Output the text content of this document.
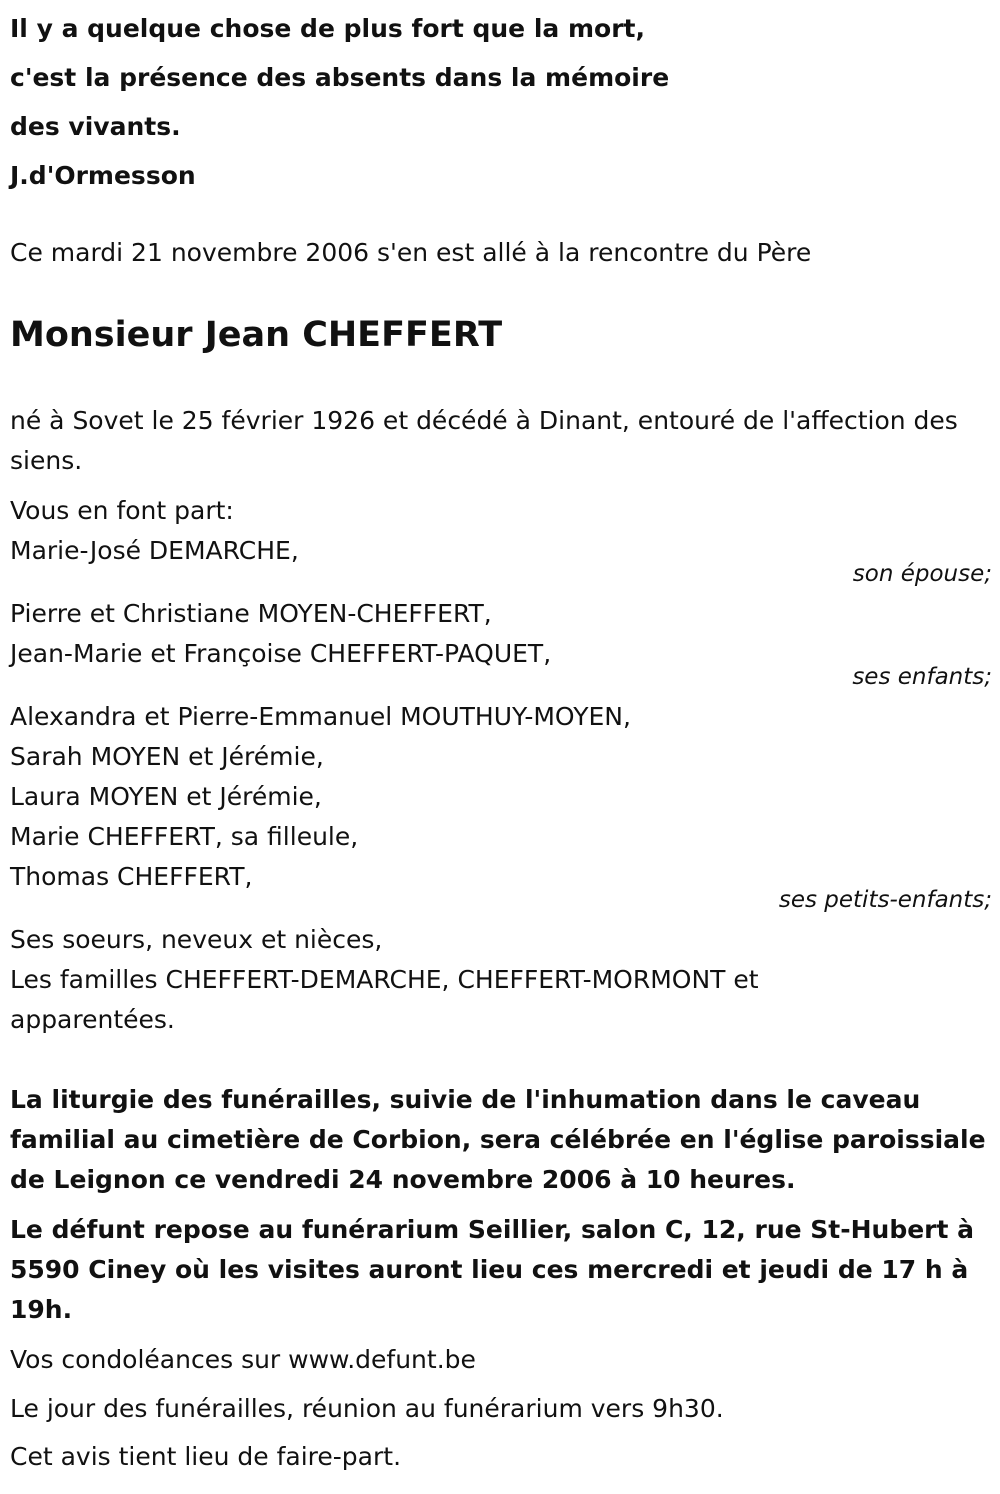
Il y a quelque chose de plus fort que la mort,
c'est la présence des absents dans la mémoire
des vivants.
J.d'Ormesson
Ce mardi 21 novembre 2006 s'en est allé à la rencontre du Père
Monsieur Jean CHEFFERT
né à Sovet le 25 février 1926 et décédé à Dinant, entouré de l'affection des siens.
Vous en font part:
Marie-José DEMARCHE,
son épouse;
Pierre et Christiane MOYEN-CHEFFERT,
Jean-Marie et Françoise CHEFFERT-PAQUET,
ses enfants;
Alexandra et Pierre-Emmanuel MOUTHUY-MOYEN,
Sarah MOYEN et Jérémie,
Laura MOYEN et Jérémie,
Marie CHEFFERT, sa filleule,
Thomas CHEFFERT,
ses petits-enfants;
Ses soeurs, neveux et nièces,
Les familles CHEFFERT-DEMARCHE, CHEFFERT-MORMONT et apparentées.
La liturgie des funérailles, suivie de l'inhumation dans le caveau familial au cimetière de Corbion, sera célébrée en l'église paroissiale de Leignon ce vendredi 24 novembre 2006 à 10 heures.
Le défunt repose au funérarium Seillier, salon C, 12, rue St-Hubert à 5590 Ciney où les visites auront lieu ces mercredi et jeudi de 17 h à 19h.
Vos condoléances sur www.defunt.be
Le jour des funérailles, réunion au funérarium vers 9h30.
Cet avis tient lieu de faire-part.
